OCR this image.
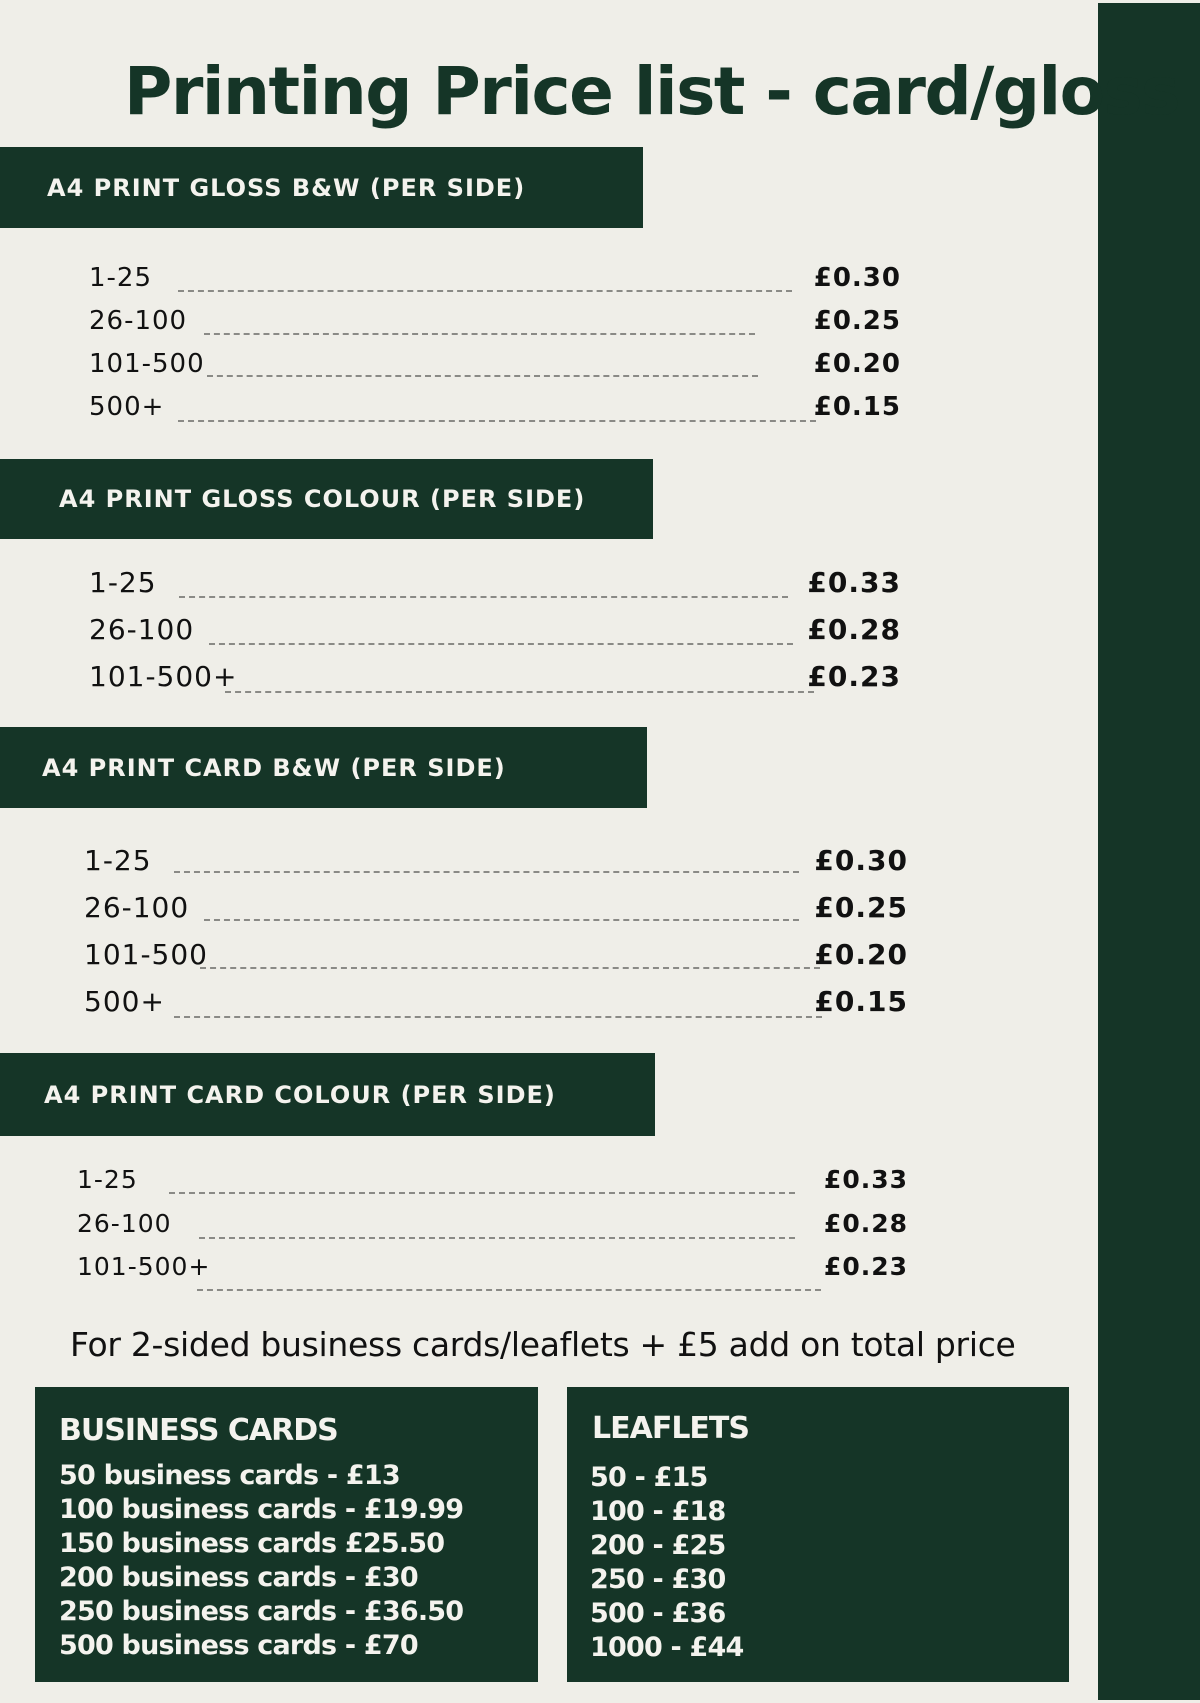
Printing Price list - card/gloss
A4 PRINT GLOSS B&W (PER SIDE)
1-25	£0.30
26-100	£0.25
101-500	£0.20
500+	£0.15
A4 PRINT GLOSS COLOUR (PER SIDE)
1-25	£0.33
26-100	£0.28
101-500+	£0.23
A4 PRINT CARD B&W (PER SIDE)
1-25	£0.30
26-100	£0.25
101-500	£0.20
500+	£0.15
A4 PRINT CARD COLOUR (PER SIDE)
1-25	£0.33
26-100	£0.28
101-500+	£0.23
For 2-sided business cards/leaflets + £5 add on total price
BUSINESS CARDS
50 business cards - £13
100 business cards - £19.99
150 business cards £25.50
200 business cards - £30
250 business cards - £36.50
500 business cards - £70
LEAFLETS
50 - £15
100 - £18
200 - £25
250 - £30
500 - £36
1000 - £44
